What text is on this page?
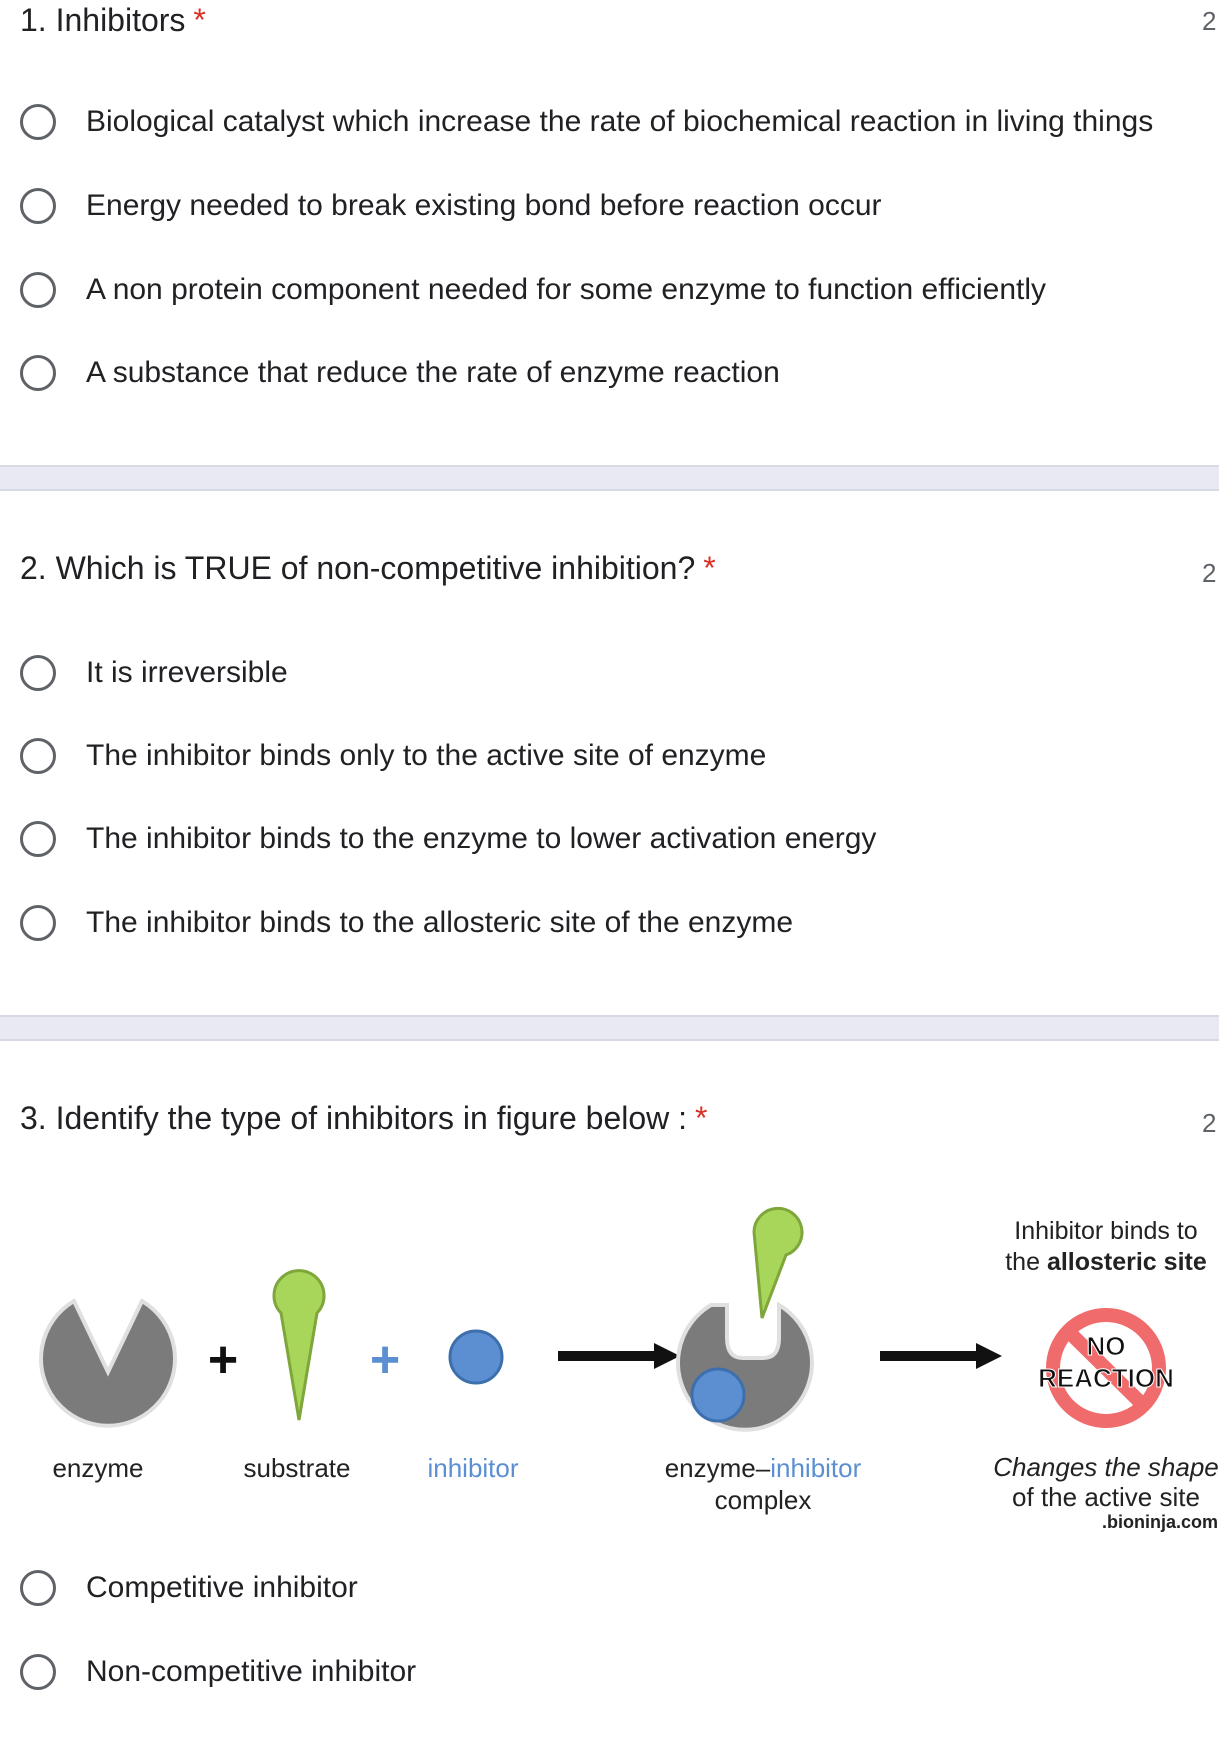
1. Inhibitors *	2
Biological catalyst which increase the rate of biochemical reaction in living things
Energy needed to break existing bond before reaction occur
A non protein component needed for some enzyme to function efficiently
A substance that reduce the rate of enzyme reaction
2. Which is TRUE of non-competitive inhibition? *	2
It is irreversible
The inhibitor binds only to the active site of enzyme
The inhibitor binds to the enzyme to lower activation energy
The inhibitor binds to the allosteric site of the enzyme
3. Identify the type of inhibitors in figure below : *	2
+	+
Inhibitor binds to
the allosteric site
NO
REACTION
enzyme	substrate	inhibitor	enzyme–inhibitor
complex
Changes the shape
of the active site
.bioninja.com
Competitive inhibitor
Non-competitive inhibitor
